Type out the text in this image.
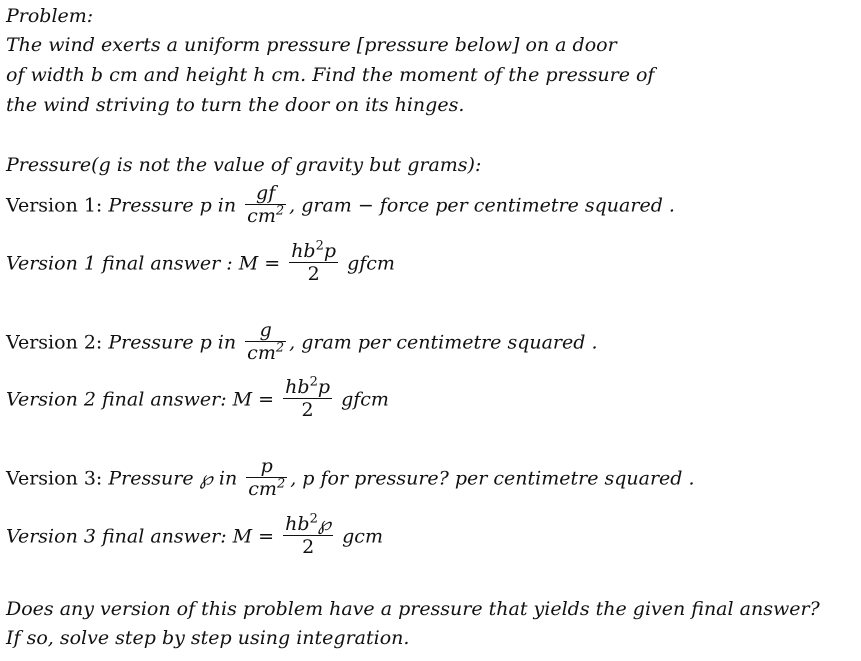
Problem:
The wind exerts a uniform pressure [pressure below] on a door
of width b cm and height h cm. Find the moment of the pressure of
the wind striving to turn the door on its hinges.
Pressure(g is not the value of gravity but grams):
Version 1: Pressure p in $\frac{gf}{cm^2}$ , gram − force per centimetre squared .
Version 1 final answer : $M = \frac{hb^2p}{2}$ gfcm
Version 2: Pressure p in $\frac{g}{cm^2}$ , gram per centimetre squared .
Version 2 final answer: $M = \frac{hb^2p}{2}$ gfcm
Version 3: Pressure ℘ in $\frac{p}{cm^2}$ , p for pressure? per centimetre squared .
Version 3 final answer: $M = \frac{hb^2℘}{2}$ gcm
Does any version of this problem have a pressure that yields the given final answer?
If so, solve step by step using integration.
